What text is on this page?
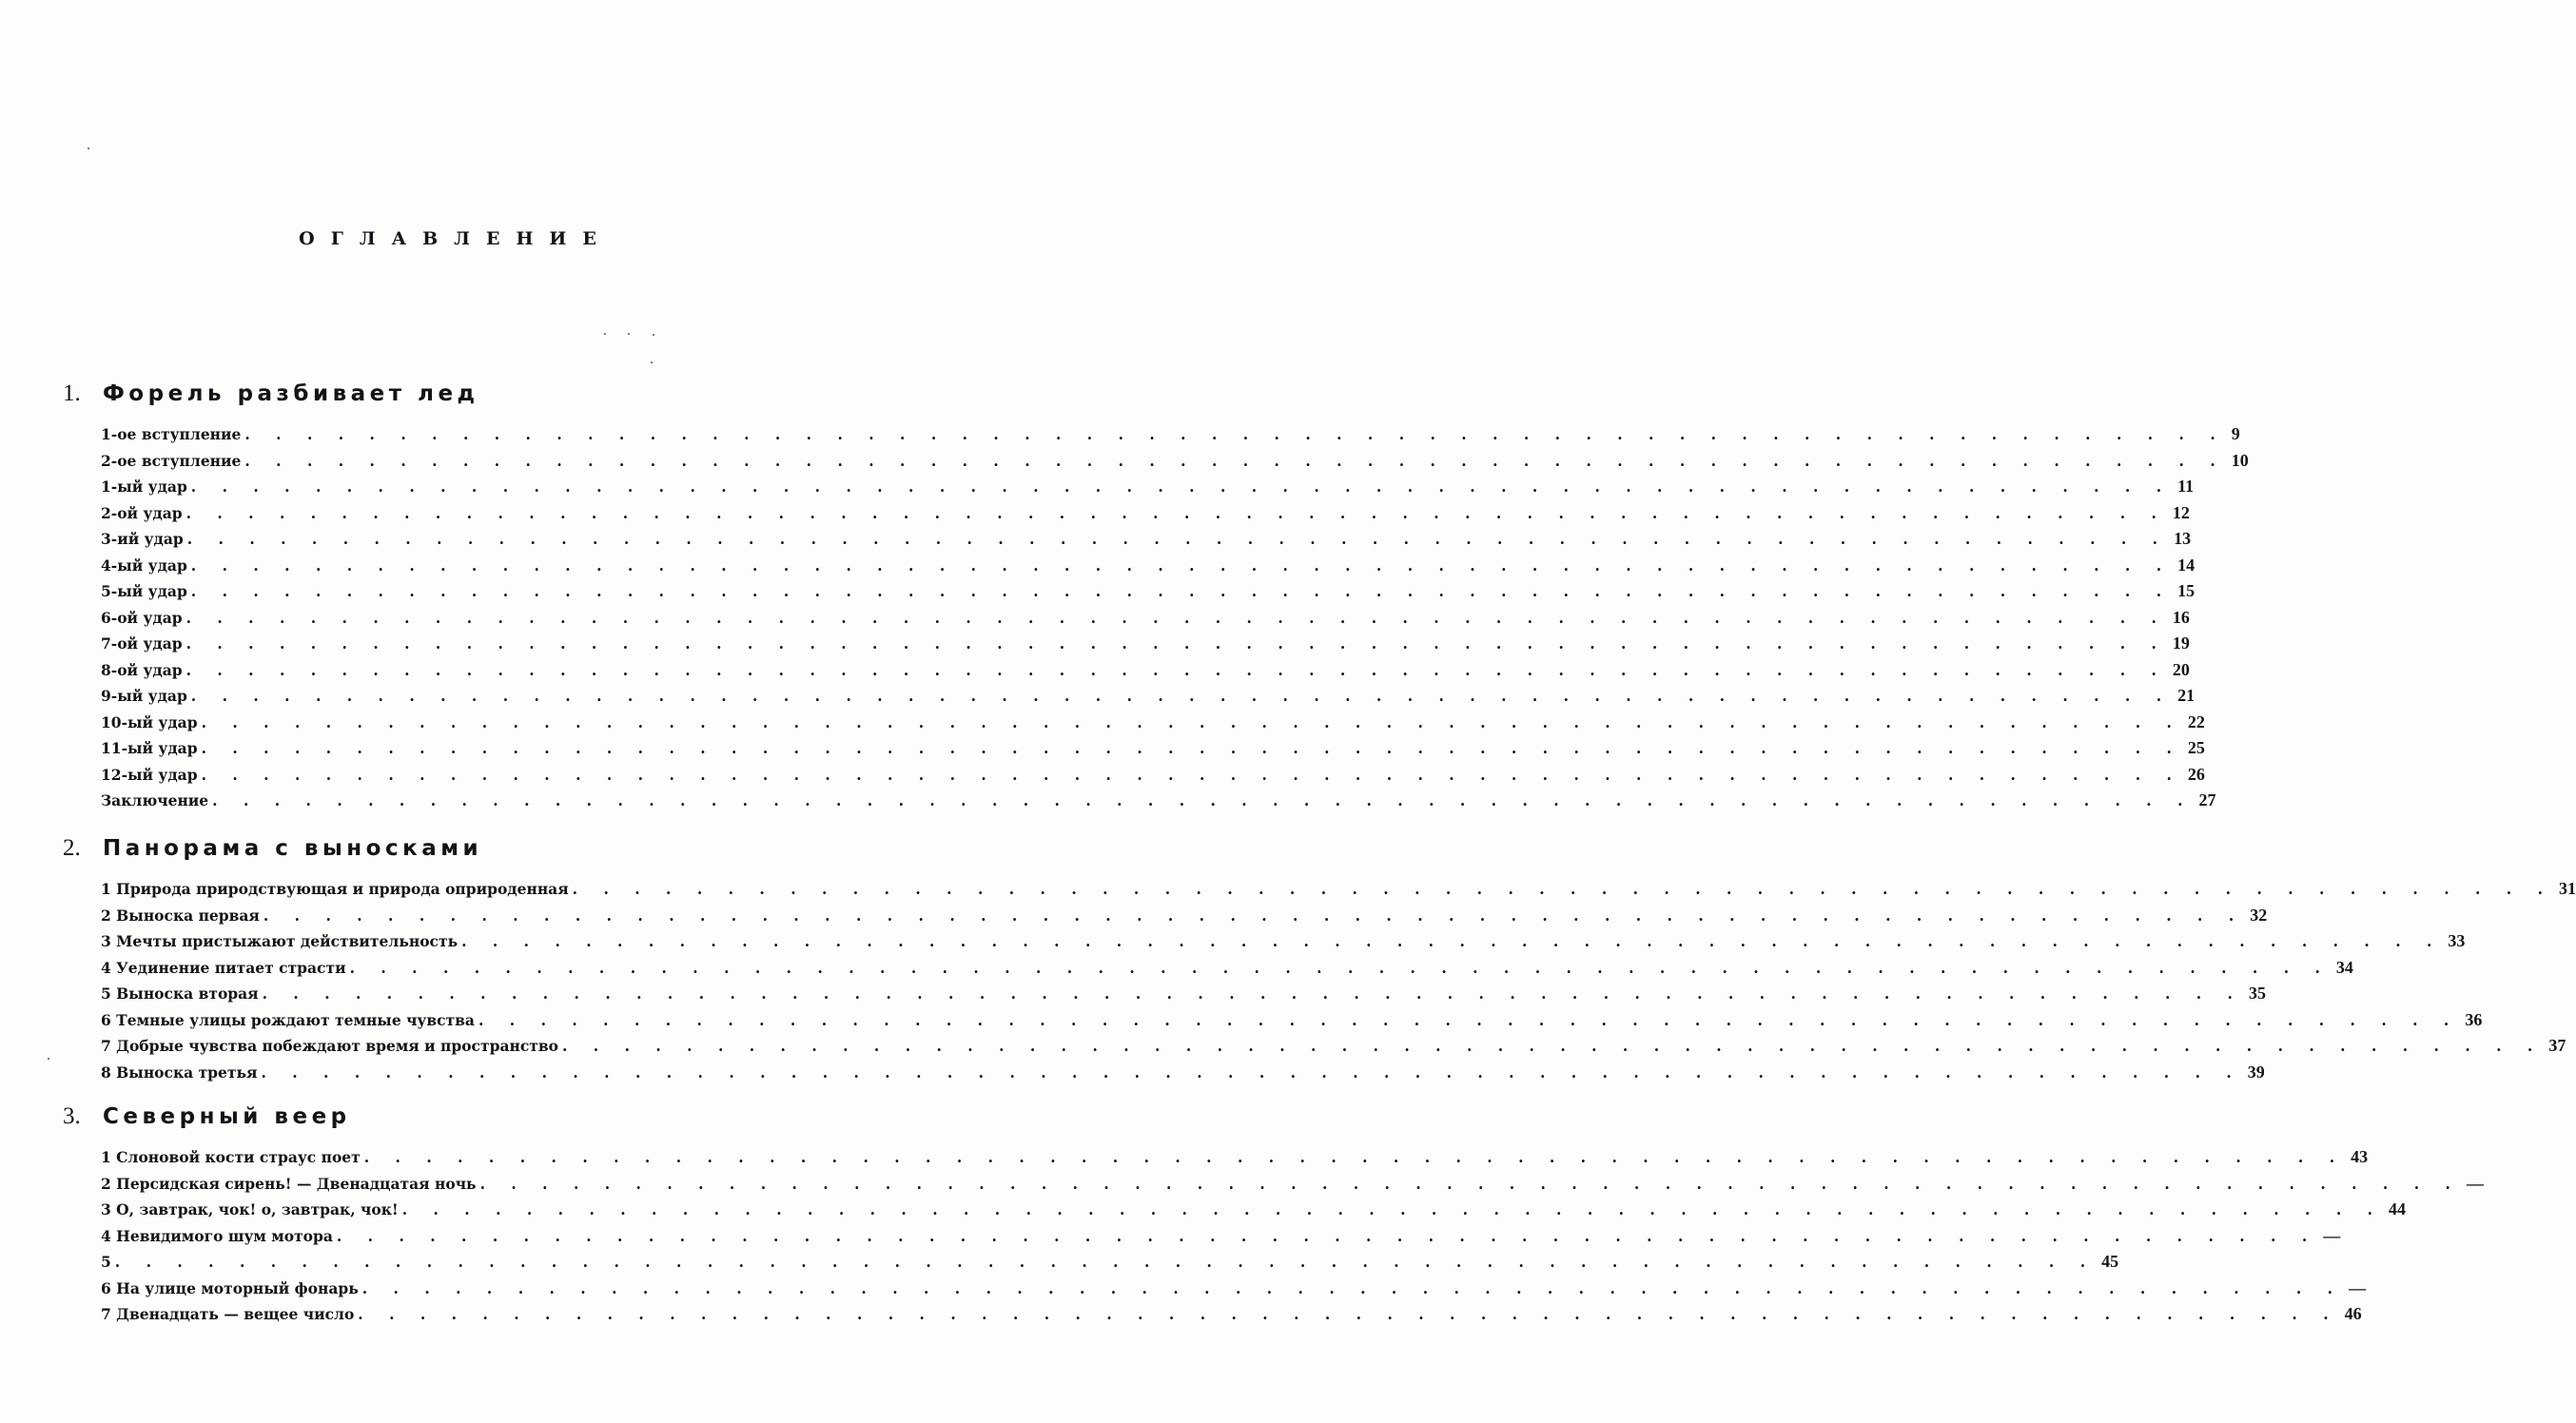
ОГЛАВЛЕНИЕ
1.	Форель разбивает лед
1-ое вступление . . . . . . . . . . . . . . . . . . . . . . . . . . . . . . . . . . . . . . . . . . . . . . . . . . . . . . . . . . . . . . . . 9
2-ое вступление . . . . . . . . . . . . . . . . . . . . . . . . . . . . . . . . . . . . . . . . . . . . . . . . . . . . . . . . . . . . . . . . 10
1-ый удар . . . . . . . . . . . . . . . . . . . . . . . . . . . . . . . . . . . . . . . . . . . . . . . . . . . . . . . . . . . . . . . . 11
2-ой удар . . . . . . . . . . . . . . . . . . . . . . . . . . . . . . . . . . . . . . . . . . . . . . . . . . . . . . . . . . . . . . . . 12
3-ий удар . . . . . . . . . . . . . . . . . . . . . . . . . . . . . . . . . . . . . . . . . . . . . . . . . . . . . . . . . . . . . . . . 13
4-ый удар . . . . . . . . . . . . . . . . . . . . . . . . . . . . . . . . . . . . . . . . . . . . . . . . . . . . . . . . . . . . . . . . 14
5-ый удар . . . . . . . . . . . . . . . . . . . . . . . . . . . . . . . . . . . . . . . . . . . . . . . . . . . . . . . . . . . . . . . . 15
6-ой удар . . . . . . . . . . . . . . . . . . . . . . . . . . . . . . . . . . . . . . . . . . . . . . . . . . . . . . . . . . . . . . . . 16
7-ой удар . . . . . . . . . . . . . . . . . . . . . . . . . . . . . . . . . . . . . . . . . . . . . . . . . . . . . . . . . . . . . . . . 19
8-ой удар . . . . . . . . . . . . . . . . . . . . . . . . . . . . . . . . . . . . . . . . . . . . . . . . . . . . . . . . . . . . . . . . 20
9-ый удар . . . . . . . . . . . . . . . . . . . . . . . . . . . . . . . . . . . . . . . . . . . . . . . . . . . . . . . . . . . . . . . . 21
10-ый удар . . . . . . . . . . . . . . . . . . . . . . . . . . . . . . . . . . . . . . . . . . . . . . . . . . . . . . . . . . . . . . . . 22
11-ый удар . . . . . . . . . . . . . . . . . . . . . . . . . . . . . . . . . . . . . . . . . . . . . . . . . . . . . . . . . . . . . . . . 25
12-ый удар . . . . . . . . . . . . . . . . . . . . . . . . . . . . . . . . . . . . . . . . . . . . . . . . . . . . . . . . . . . . . . . . 26
Заключение . . . . . . . . . . . . . . . . . . . . . . . . . . . . . . . . . . . . . . . . . . . . . . . . . . . . . . . . . . . . . . . . 27
2.	Панорама с выносками
1 Природа природствующая и природа оприроденная . . . . . . . . . . . . . . . . . . . . . . . . . . . . . . . . . . . . . . . . . . . . . . . . . . . . . . . . . . . . . . . . 31
2 Выноска первая . . . . . . . . . . . . . . . . . . . . . . . . . . . . . . . . . . . . . . . . . . . . . . . . . . . . . . . . . . . . . . . . 32
3 Мечты пристыжают действительность . . . . . . . . . . . . . . . . . . . . . . . . . . . . . . . . . . . . . . . . . . . . . . . . . . . . . . . . . . . . . . . . 33
4 Уединение питает страсти . . . . . . . . . . . . . . . . . . . . . . . . . . . . . . . . . . . . . . . . . . . . . . . . . . . . . . . . . . . . . . . . 34
5 Выноска вторая . . . . . . . . . . . . . . . . . . . . . . . . . . . . . . . . . . . . . . . . . . . . . . . . . . . . . . . . . . . . . . . . 35
6 Темные улицы рождают темные чувства . . . . . . . . . . . . . . . . . . . . . . . . . . . . . . . . . . . . . . . . . . . . . . . . . . . . . . . . . . . . . . . . 36
7 Добрые чувства побеждают время и пространство . . . . . . . . . . . . . . . . . . . . . . . . . . . . . . . . . . . . . . . . . . . . . . . . . . . . . . . . . . . . . . . . 37
8 Выноска третья . . . . . . . . . . . . . . . . . . . . . . . . . . . . . . . . . . . . . . . . . . . . . . . . . . . . . . . . . . . . . . . . 39
3.	Северный веер
1 Слоновой кости страус поет . . . . . . . . . . . . . . . . . . . . . . . . . . . . . . . . . . . . . . . . . . . . . . . . . . . . . . . . . . . . . . . . 43
2 Персидская сирень! — Двенадцатая ночь . . . . . . . . . . . . . . . . . . . . . . . . . . . . . . . . . . . . . . . . . . . . . . . . . . . . . . . . . . . . . . . . —
3 О, завтрак, чок! о, завтрак, чок! . . . . . . . . . . . . . . . . . . . . . . . . . . . . . . . . . . . . . . . . . . . . . . . . . . . . . . . . . . . . . . . . 44
4 Невидимого шум мотора . . . . . . . . . . . . . . . . . . . . . . . . . . . . . . . . . . . . . . . . . . . . . . . . . . . . . . . . . . . . . . . . —
5 . . . . . . . . . . . . . . . . . . . . . . . . . . . . . . . . . . . . . . . . . . . . . . . . . . . . . . . . . . . . . . . . 45
6 На улице моторный фонарь . . . . . . . . . . . . . . . . . . . . . . . . . . . . . . . . . . . . . . . . . . . . . . . . . . . . . . . . . . . . . . . . —
7 Двенадцать — вещее число . . . . . . . . . . . . . . . . . . . . . . . . . . . . . . . . . . . . . . . . . . . . . . . . . . . . . . . . . . . . . . . . 46
